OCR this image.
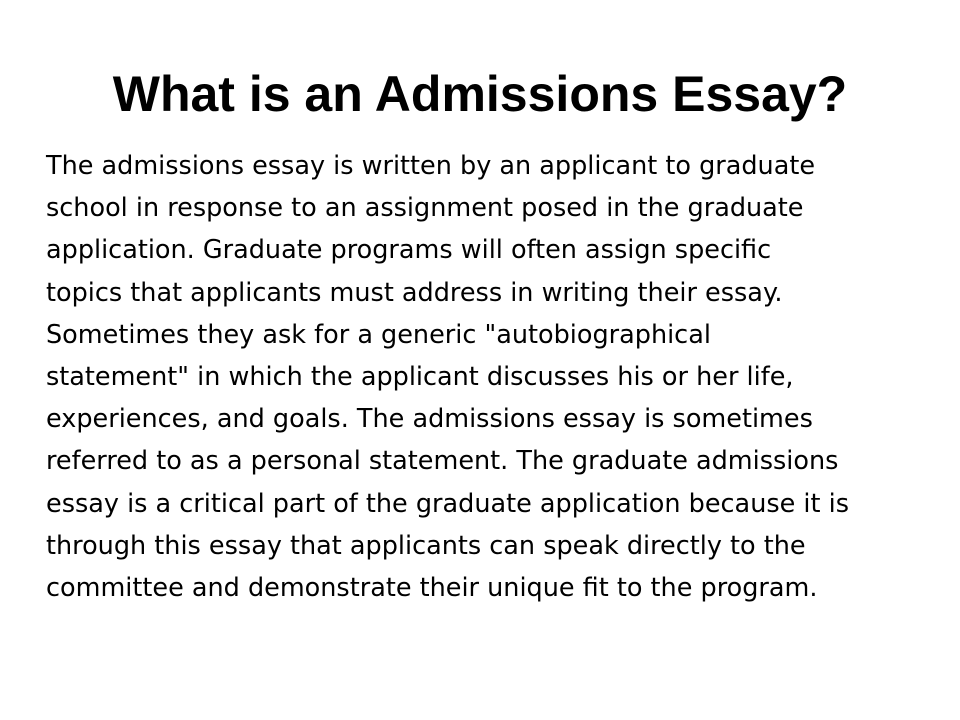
What is an Admissions Essay?

The admissions essay is written by an applicant to graduate
school in response to an assignment posed in the graduate
application. Graduate programs will often assign specific
topics that applicants must address in writing their essay.
Sometimes they ask for a generic "autobiographical
statement" in which the applicant discusses his or her life,
experiences, and goals. The admissions essay is sometimes
referred to as a personal statement. The graduate admissions
essay is a critical part of the graduate application because it is
through this essay that applicants can speak directly to the
committee and demonstrate their unique fit to the program.
